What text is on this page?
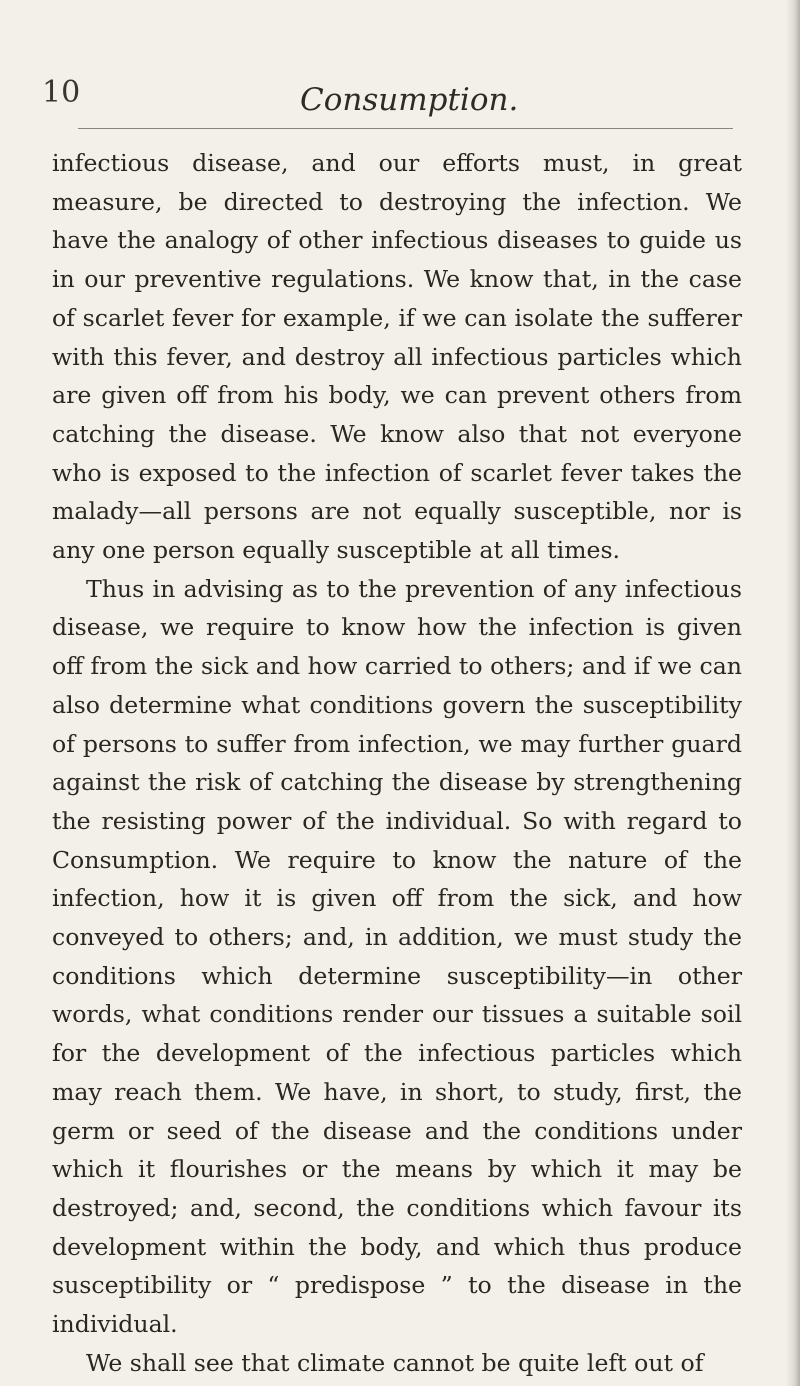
10	Consumption.

infectious disease, and our efforts must, in great measure, be directed to destroying the infection. We have the analogy of other infectious diseases to guide us in our preventive regulations. We know that, in the case of scarlet fever for example, if we can isolate the sufferer with this fever, and destroy all infectious particles which are given off from his body, we can prevent others from catching the disease. We know also that not everyone who is exposed to the infection of scarlet fever takes the malady—all persons are not equally susceptible, nor is any one person equally susceptible at all times.

Thus in advising as to the prevention of any infectious disease, we require to know how the infection is given off from the sick and how carried to others; and if we can also determine what conditions govern the susceptibility of persons to suffer from infection, we may further guard against the risk of catching the disease by strengthening the resisting power of the individual. So with regard to Consumption. We require to know the nature of the infection, how it is given off from the sick, and how conveyed to others; and, in addition, we must study the conditions which determine susceptibility—in other words, what conditions render our tissues a suitable soil for the development of the infectious particles which may reach them. We have, in short, to study, first, the germ or seed of the disease and the conditions under which it flourishes or the means by which it may be destroyed; and, second, the conditions which favour its development within the body, and which thus produce susceptibility or “ predispose ” to the disease in the individual.

We shall see that climate cannot be quite left out of
